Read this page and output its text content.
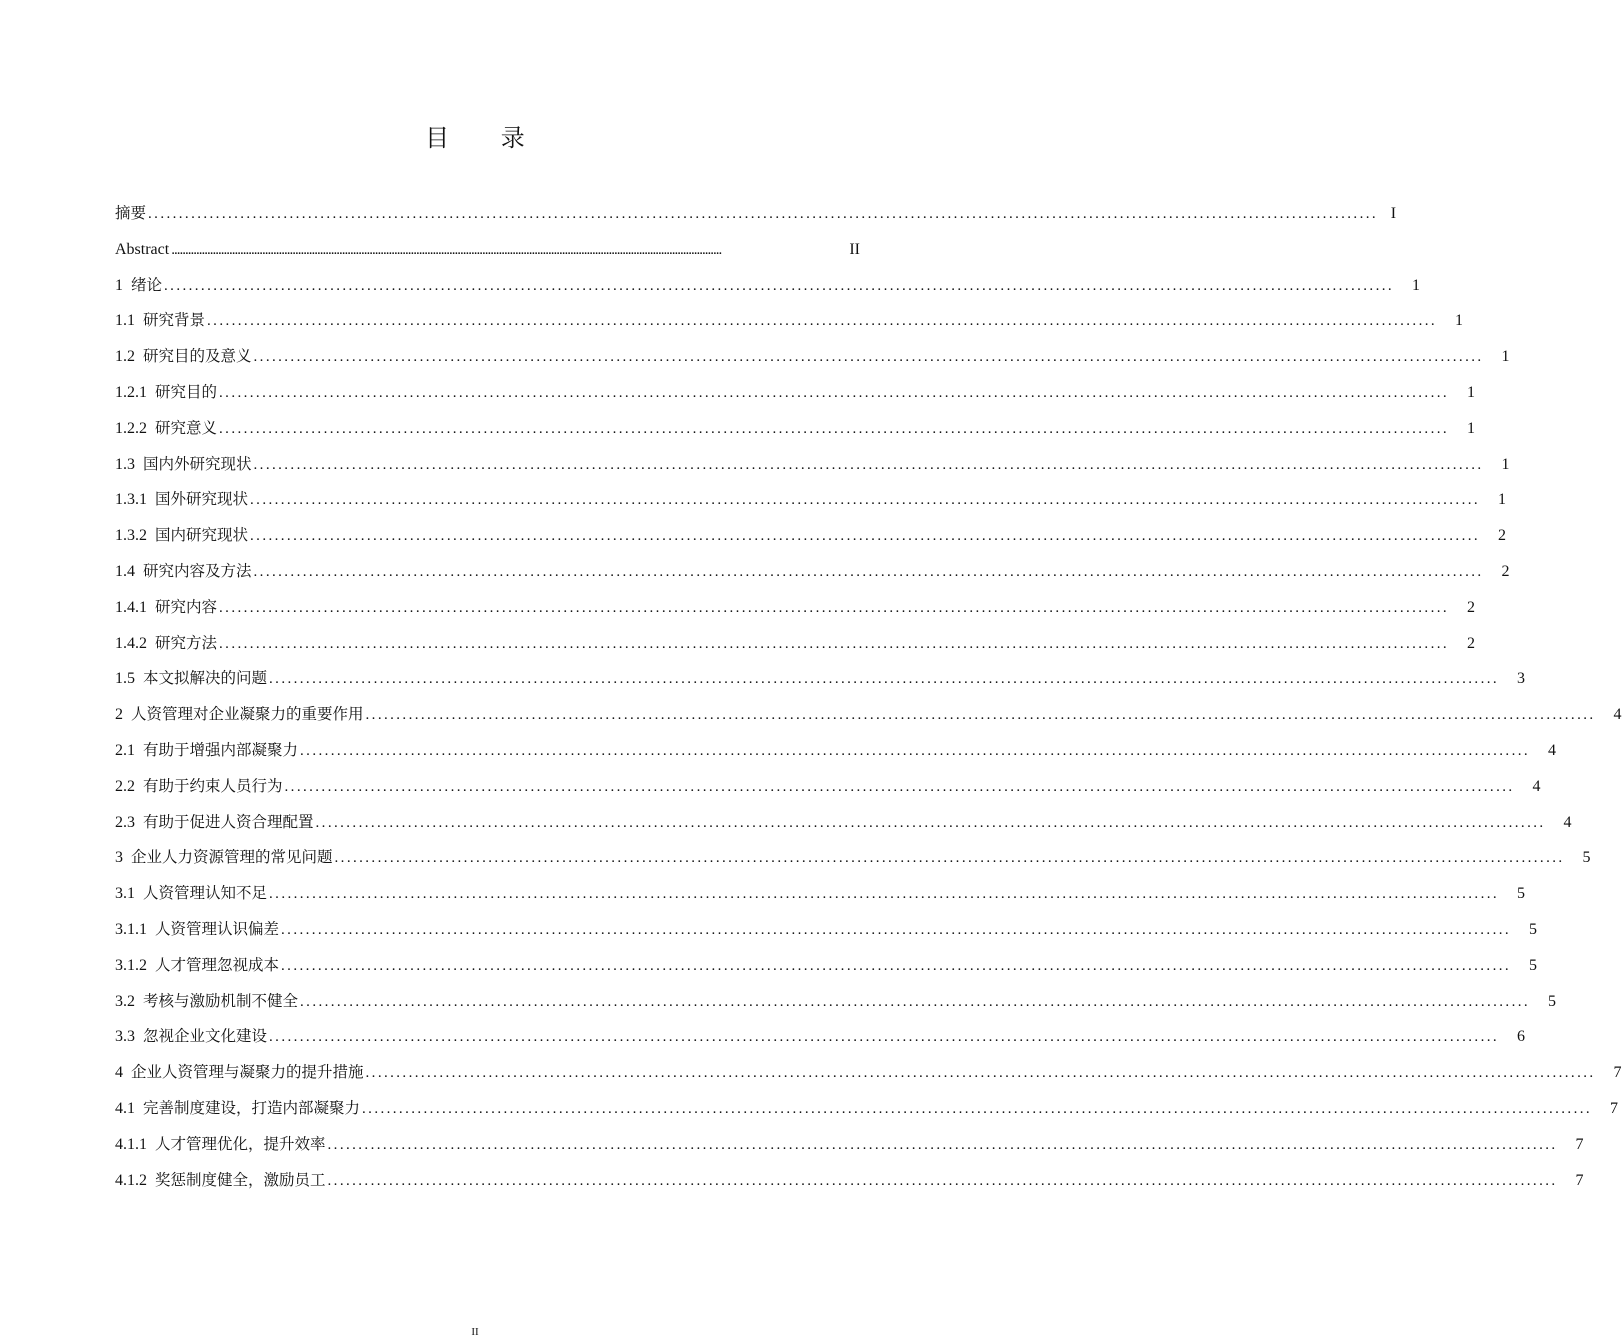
目 录
摘要 ........................................................................................................................................................................................................ I
Abstract ........................................................................................................................................................................................................	II
1 绪论 ........................................................................................................................................................................................................	1
1.1 研究背景 ........................................................................................................................................................................................................	1
1.2 研究目的及意义 ........................................................................................................................................................................................................	1
1.2.1 研究目的 ........................................................................................................................................................................................................	1
1.2.2 研究意义 ........................................................................................................................................................................................................	1
1.3 国内外研究现状 ........................................................................................................................................................................................................	1
1.3.1 国外研究现状 ........................................................................................................................................................................................................	1
1.3.2 国内研究现状 ........................................................................................................................................................................................................	2
1.4 研究内容及方法 ........................................................................................................................................................................................................	2
1.4.1 研究内容 ........................................................................................................................................................................................................	2
1.4.2 研究方法 ........................................................................................................................................................................................................	2
1.5 本文拟解决的问题 ........................................................................................................................................................................................................	3
2 人资管理对企业凝聚力的重要作用 ........................................................................................................................................................................................................	4
2.1 有助于增强内部凝聚力 ........................................................................................................................................................................................................	4
2.2 有助于约束人员行为 ........................................................................................................................................................................................................	4
2.3 有助于促进人资合理配置 ........................................................................................................................................................................................................	4
3 企业人力资源管理的常见问题 ........................................................................................................................................................................................................	5
3.1 人资管理认知不足 ........................................................................................................................................................................................................	5
3.1.1 人资管理认识偏差 ........................................................................................................................................................................................................	5
3.1.2 人才管理忽视成本 ........................................................................................................................................................................................................	5
3.2 考核与激励机制不健全 ........................................................................................................................................................................................................	5
3.3 忽视企业文化建设 ........................................................................................................................................................................................................	6
4 企业人资管理与凝聚力的提升措施 ........................................................................................................................................................................................................	7
4.1 完善制度建设，打造内部凝聚力 ........................................................................................................................................................................................................	7
4.1.1 人才管理优化，提升效率 ........................................................................................................................................................................................................	7
4.1.2 奖惩制度健全，激励员工 ........................................................................................................................................................................................................	7
II
